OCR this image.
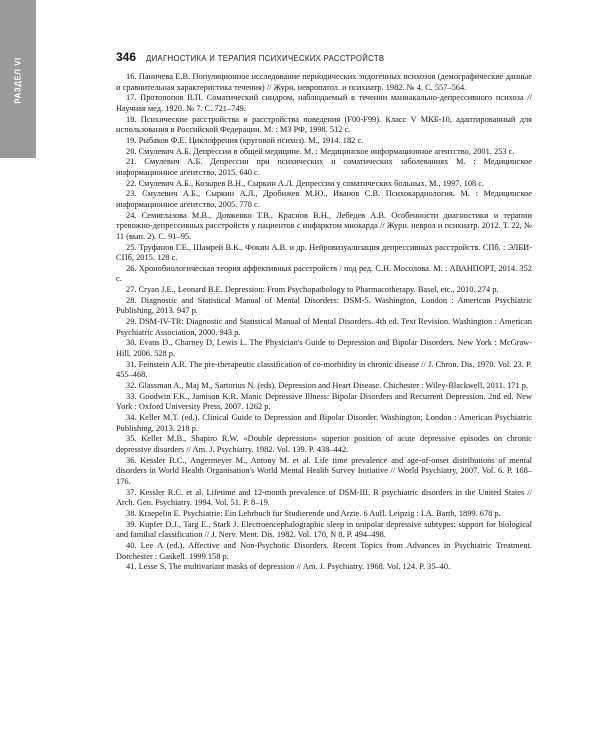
РАЗДЕЛ VI	346 ДИАГНОСТИКА И ТЕРАПИЯ ПСИХИЧЕСКИХ РАССТРОЙСТВ

16. Паничева Е.В. Популяционное исследование периодических эндогенных психозов (демографические данные и сравнительная характеристика течения) // Журн. невропатол. и психиатр. 1982. № 4. С. 557–564.

17. Протопопов В.П. Соматический синдром, наблюдаемый в течении маниакально-депрессивного психоза // Научная мед. 1920. № 7. С. 721–749.

18. Психические расстройства и расстройства поведения (F00-F99). Класс V МКБ-10, адаптированный для использования в Российской Федерации. М. : МЗ РФ, 1998. 512 с.

19. Рыбаков Ф.Е. Циклофрения (круговой психоз). М., 1914. 182 с.

20. Смулевич А.Б. Депрессии в общей медицине. М. : Медицинское информационное агентство, 2001. 253 с.

21. Смулевич А.Б. Депрессии при психических и соматических заболеваниях М. : Медицинское информационное агентство, 2015. 640 с.

22. Смулевич А.Б., Козырев В.Н., Сыркин А.Л. Депрессии у соматических больных. М., 1997. 108 с.

23. Смулевич А.Б., Сыркин А.Л., Дробижев М.Ю., Иванов С.В. Психокардиология. М. : Медицинское информационное агентство, 2005. 778 с.

24. Семиглазова М.В., Довженко Т.В., Краснов В.Н., Лебедев А.В. Особенности диагностики и терапии тревожно-депрессивных расстройств у пациентов с инфарктом миокарда // Журн. неврол и психиатр. 2012. Т. 22, № 11 (вып. 2). С. 91–95.

25. Труфанов Г.Е., Шамрей В.К., Фокин А.В. и др. Нейровизуализация депрессивных расстройств. СПб. : ЭЛБИ-СПб, 2015. 128 с.

26. Хронобиологическая теория аффективных расстройств / под ред. С.Н. Мосолова. М. : АВАНПОРТ, 2014. 352 с.

27. Cryan J.E., Leonard B.E. Depression: From Psychopathology to Pharmacotherapy. Basel, etc., 2010. 274 p.

28. Diagnostic and Statistical Manual of Mental Disorders: DSM-5. Washington, London : American Psychiatric Publishing, 2013. 947 p.

29. DSM-IV-TR: Diagnostic and Statistical Manual of Mental Disorders. 4th ed. Text Revision. Washington : American Psychiatric Association, 2000. 943 p.

30. Evans D., Charney D, Lewis L. The Physician's Guide to Depression and Bipolar Disorders. New York : McGraw-Hill, 2006. 528 p.

31. Feinstein A.R. The pre-therapeutic classification of co-morbidity in chronic disease // J. Chron. Dis. 1970. Vol. 23. P. 455–468.

32. Glassman A., Maj M., Sartorius N. (eds). Depression and Heart Disease. Chichester : Wiley-Blackwell, 2011. 171 p.

33. Goodwin F.K., Jamison K.R. Manic Depressive Illness: Bipolar Disorders and Recurrent Depression. 2nd ed. New York : Oxford University Press, 2007. 1262 p.

34. Keller M.T. (ed.). Clinical Guide to Depression and Bipolar Disorder. Washington; London : American Psychiatric Publishing, 2013. 218 p.

35. Keller M.B., Shapiro R.W. «Double depression» superior position of acute depressive episodes on chronic depressive disorders // Am. J. Psychiatry. 1982. Vol. 139. P. 438–442.

36. Kessler R.C., Angermeyer M., Antony M. et al. Life time prevalence and age-of-onset distributions of mental disorders in World Health Organisation's World Mental Health Survey Initiative // World Psychiatry, 2007. Vol. 6. P. 168–176.

37. Kessler R.C. et al. Lifetime and 12-month prevalence of DSM-III. R psychiatric disorders in the United States // Arch. Gen. Psychiatry. 1994. Vol. 51. P. 8–19.

38. Kraepelin E. Psychiatrie: Ein Lehrbuch fur Studierende und Arzte. 6 Aufl. Leipzig : I.A. Barth, 1899. 678 p.

39. Kupfer D.J., Targ E., Stark J. Electroencephalographic sleep in unipolar depressive subtypes: support for biological and familial classification // J. Nerv. Ment. Dis. 1982. Vol. 170, N 8. P. 494–498.

40. Lee A (ed.). Affective and Non-Psychotic Disorders. Recent Topics from Advances in Psychiatric Treatment. Dorchester : Gaskell. 1999.158 p.

41. Lesse S. The multivariant masks of depression // Am. J. Psychiatry. 1968. Vol. 124. P. 35–40.
